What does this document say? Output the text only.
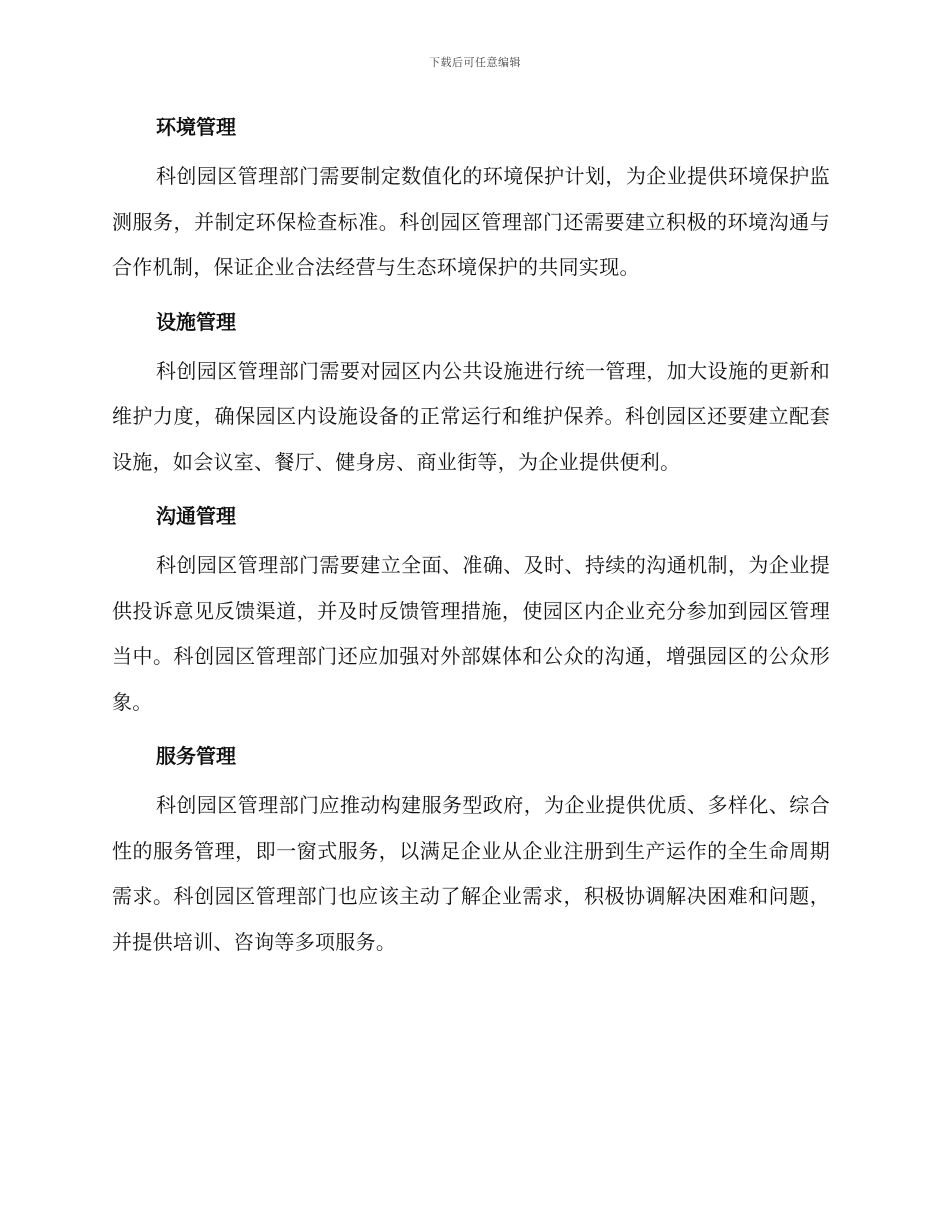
下载后可任意编辑
环境管理

科创园区管理部门需要制定数值化的环境保护计划，为企业提供环境保护监测服务，并制定环保检查标准。科创园区管理部门还需要建立积极的环境沟通与合作机制，保证企业合法经营与生态环境保护的共同实现。

设施管理

科创园区管理部门需要对园区内公共设施进行统一管理，加大设施的更新和维护力度，确保园区内设施设备的正常运行和维护保养。科创园区还要建立配套设施，如会议室、餐厅、健身房、商业街等，为企业提供便利。

沟通管理

科创园区管理部门需要建立全面、准确、及时、持续的沟通机制，为企业提供投诉意见反馈渠道，并及时反馈管理措施，使园区内企业充分参加到园区管理当中。科创园区管理部门还应加强对外部媒体和公众的沟通，增强园区的公众形象。

服务管理

科创园区管理部门应推动构建服务型政府，为企业提供优质、多样化、综合性的服务管理，即一窗式服务，以满足企业从企业注册到生产运作的全生命周期需求。科创园区管理部门也应该主动了解企业需求，积极协调解决困难和问题，并提供培训、咨询等多项服务。
